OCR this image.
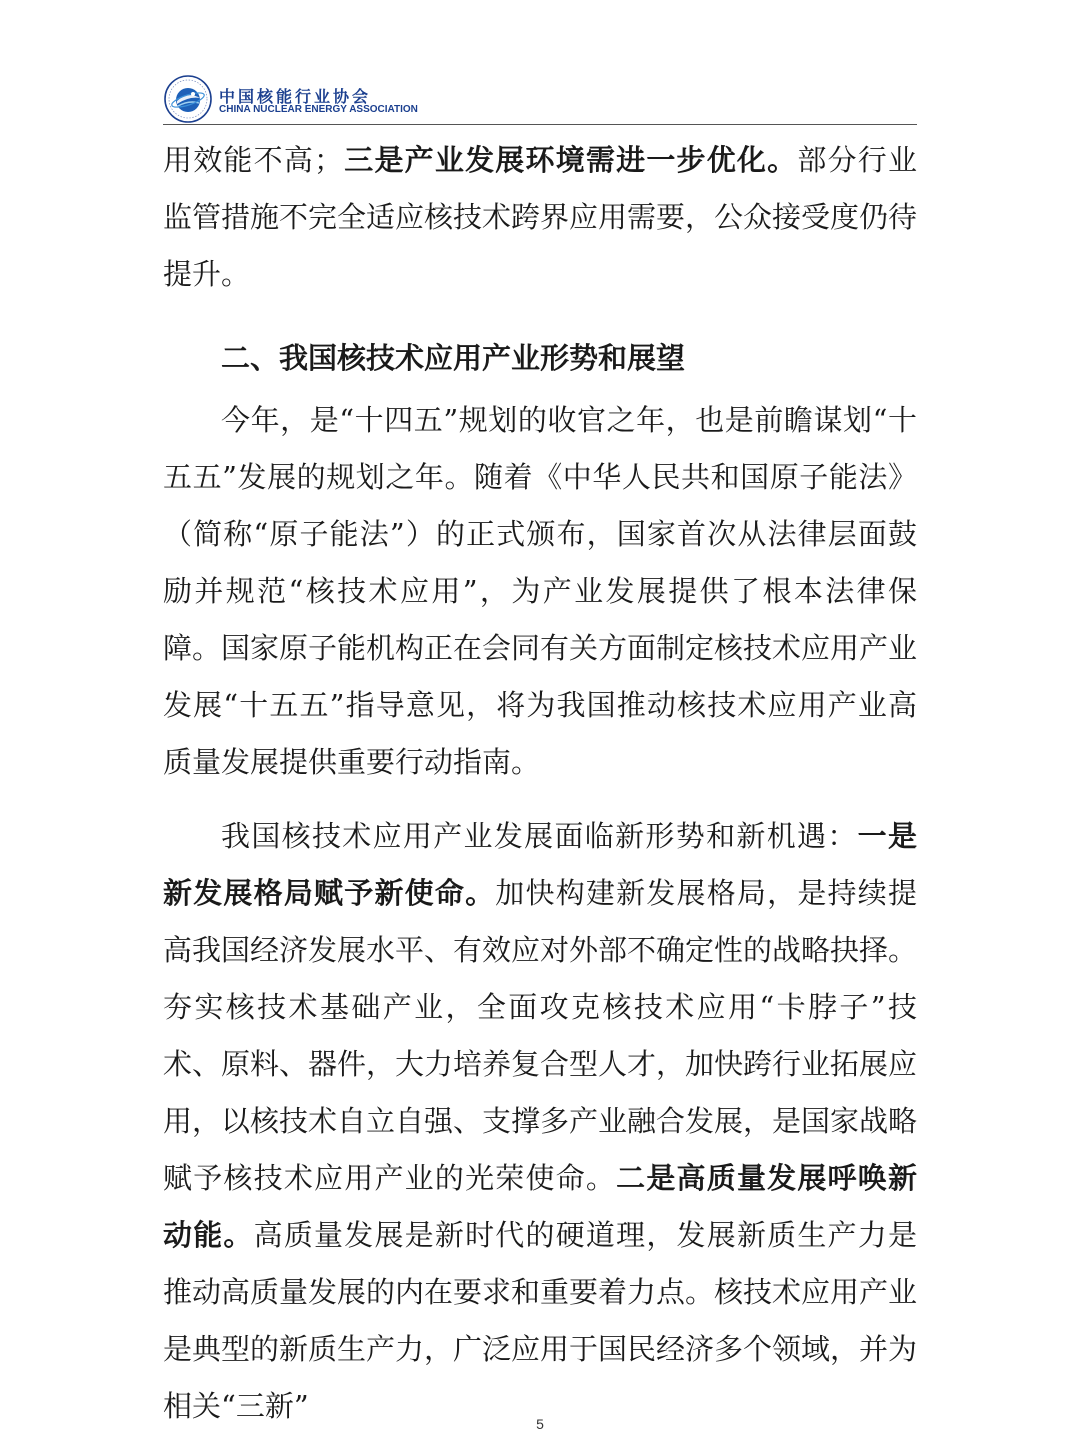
中国核能行业协会
CHINA NUCLEAR ENERGY ASSOCIATION

用效能不高；三是产业发展环境需进一步优化。部分行业监管措施不完全适应核技术跨界应用需要，公众接受度仍待提升。

二、我国核技术应用产业形势和展望

今年，是“十四五”规划的收官之年，也是前瞻谋划“十五五”发展的规划之年。随着《中华人民共和国原子能法》（简称“原子能法”）的正式颁布，国家首次从法律层面鼓励并规范“核技术应用”，为产业发展提供了根本法律保障。国家原子能机构正在会同有关方面制定核技术应用产业发展“十五五”指导意见，将为我国推动核技术应用产业高质量发展提供重要行动指南。

我国核技术应用产业发展面临新形势和新机遇：一是新发展格局赋予新使命。加快构建新发展格局，是持续提高我国经济发展水平、有效应对外部不确定性的战略抉择。夯实核技术基础产业，全面攻克核技术应用“卡脖子”技术、原料、器件，大力培养复合型人才，加快跨行业拓展应用，以核技术自立自强、支撑多产业融合发展，是国家战略赋予核技术应用产业的光荣使命。二是高质量发展呼唤新动能。高质量发展是新时代的硬道理，发展新质生产力是推动高质量发展的内在要求和重要着力点。核技术应用产业是典型的新质生产力，广泛应用于国民经济多个领域，并为相关“三新”

5
